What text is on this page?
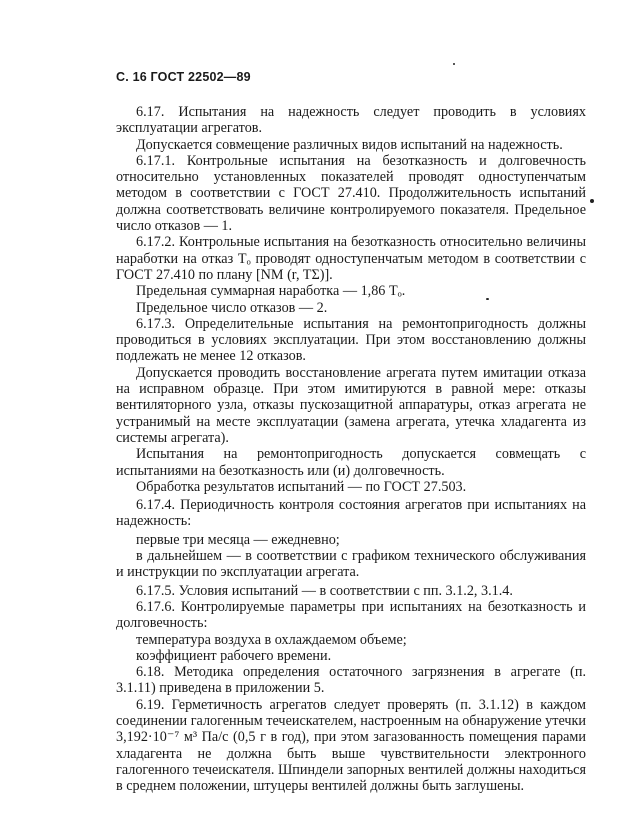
С. 16 ГОСТ 22502—89

6.17. Испытания на надежность следует проводить в условиях эксплуатации агрегатов.

Допускается совмещение различных видов испытаний на надежность.

6.17.1. Контрольные испытания на безотказность и долговечность относительно установленных показателей проводят одноступенчатым методом в соответствии с ГОСТ 27.410. Продолжительность испытаний должна соответствовать величине контролируемого показателя. Предельное число отказов — 1.

6.17.2. Контрольные испытания на безотказность относительно величины наработки на отказ Tₒ проводят одноступенчатым методом в соответствии с ГОСТ 27.410 по плану [NM (r, TΣ)].

Предельная суммарная наработка — 1,86 Tₒ.

Предельное число отказов — 2.

6.17.3. Определительные испытания на ремонтопригодность должны проводиться в условиях эксплуатации. При этом восстановлению должны подлежать не менее 12 отказов.

Допускается проводить восстановление агрегата путем имитации отказа на исправном образце. При этом имитируются в равной мере: отказы вентиляторного узла, отказы пускозащитной аппаратуры, отказ агрегата не устранимый на месте эксплуатации (замена агрегата, утечка хладагента из системы агрегата).

Испытания на ремонтопригодность допускается совмещать с испытаниями на безотказность или (и) долговечность.

Обработка результатов испытаний — по ГОСТ 27.503.

6.17.4. Периодичность контроля состояния агрегатов при испытаниях на надежность:

первые три месяца — ежедневно;

в дальнейшем — в соответствии с графиком технического обслуживания и инструкции по эксплуатации агрегата.

6.17.5. Условия испытаний — в соответствии с пп. 3.1.2, 3.1.4.

6.17.6. Контролируемые параметры при испытаниях на безотказность и долговечность:

температура воздуха в охлаждаемом объеме;

коэффициент рабочего времени.

6.18. Методика определения остаточного загрязнения в агрегате (п. 3.1.11) приведена в приложении 5.

6.19. Герметичность агрегатов следует проверять (п. 3.1.12) в каждом соединении галогенным течеискателем, настроенным на обнаружение утечки 3,192·10⁻⁷ м³ Па/с (0,5 г в год), при этом загазованность помещения парами хладагента не должна быть выше чувствительности электронного галогенного течеискателя. Шпиндели запорных вентилей должны находиться в среднем положении, штуцеры вентилей должны быть заглушены.
